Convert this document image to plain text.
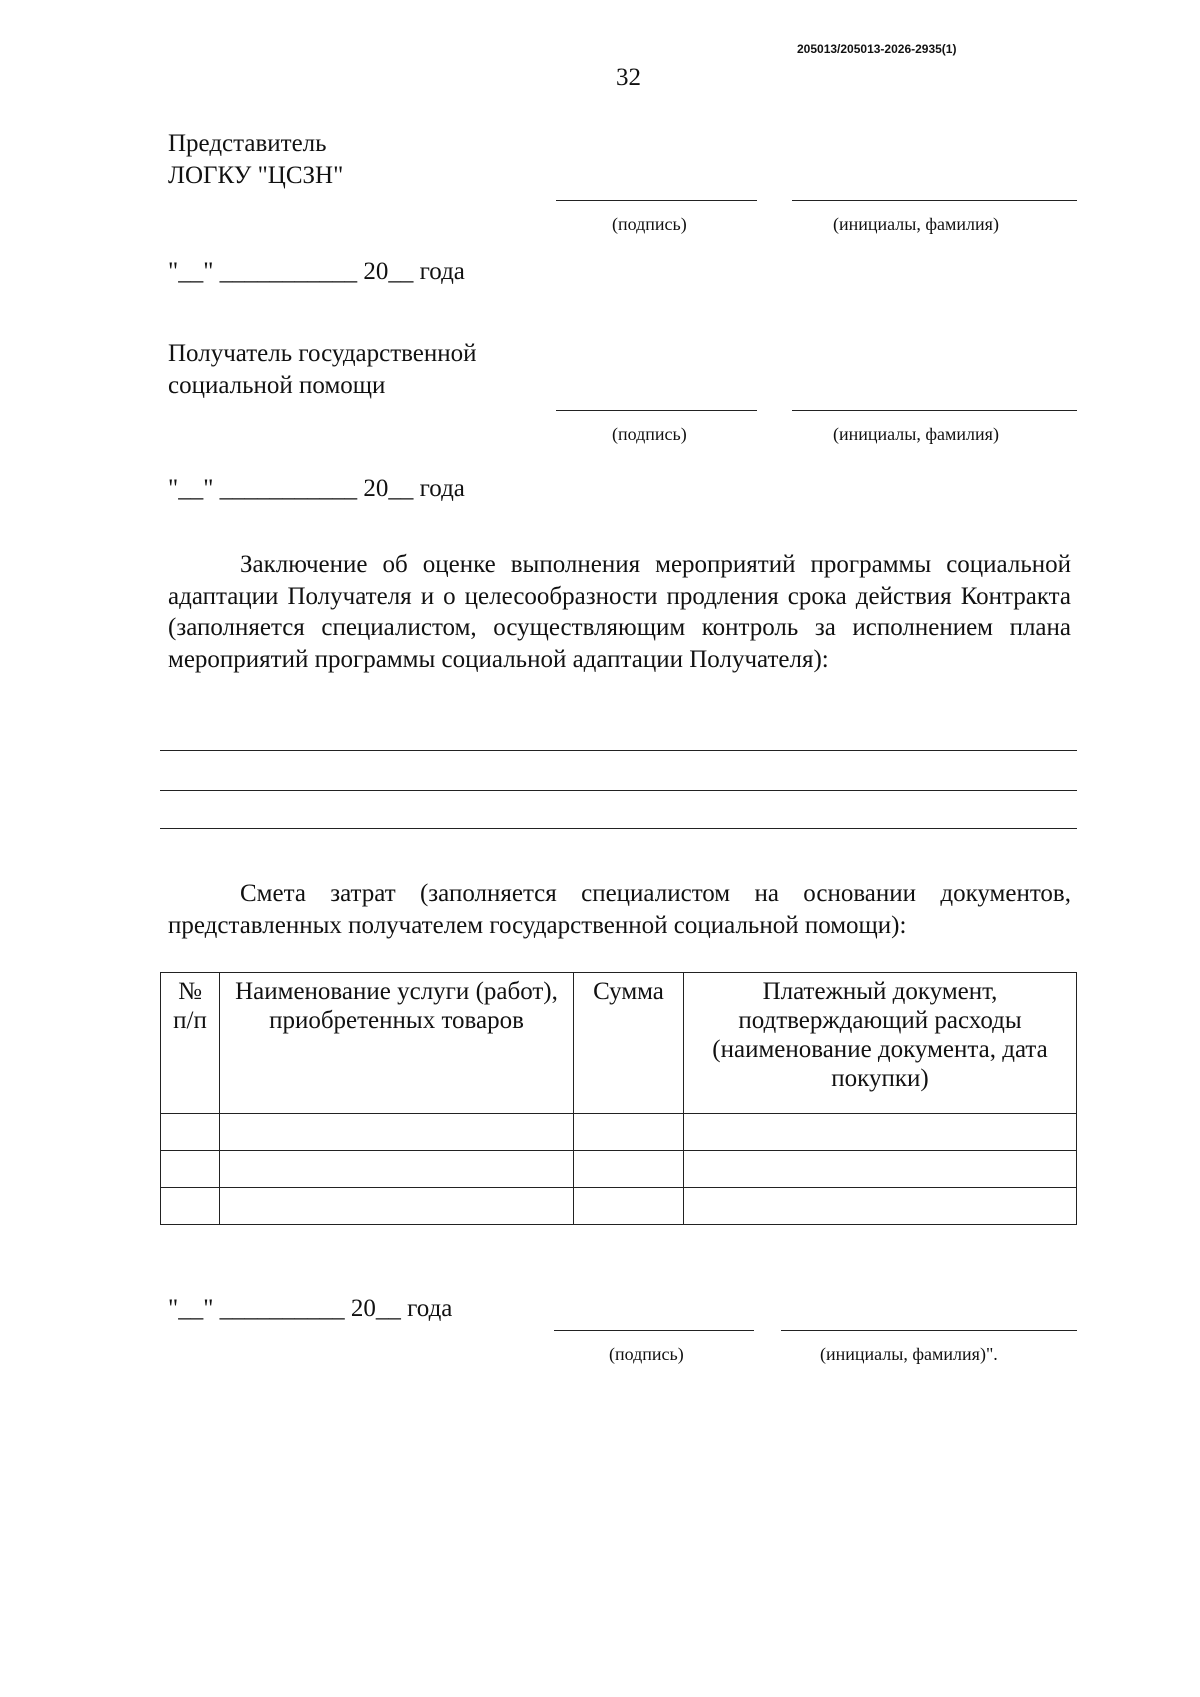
205013/205013-2026-2935(1)
32
Представитель
ЛОГКУ "ЦСЗН"
(подпись)	(инициалы, фамилия)
"__" ___________ 20__ года
Получатель государственной
социальной помощи
(подпись)	(инициалы, фамилия)
"__" ___________ 20__ года
Заключение об оценке выполнения мероприятий программы социальной адаптации Получателя и о целесообразности продления срока действия Контракта (заполняется специалистом, осуществляющим контроль за исполнением плана мероприятий программы социальной адаптации Получателя):
Смета затрат (заполняется специалистом на основании документов, представленных получателем государственной социальной помощи):
№ п/п	Наименование услуги (работ), приобретенных товаров	Сумма	Платежный документ, подтверждающий расходы (наименование документа, дата покупки)

"__" __________ 20__ года
(подпись)	(инициалы, фамилия)".
